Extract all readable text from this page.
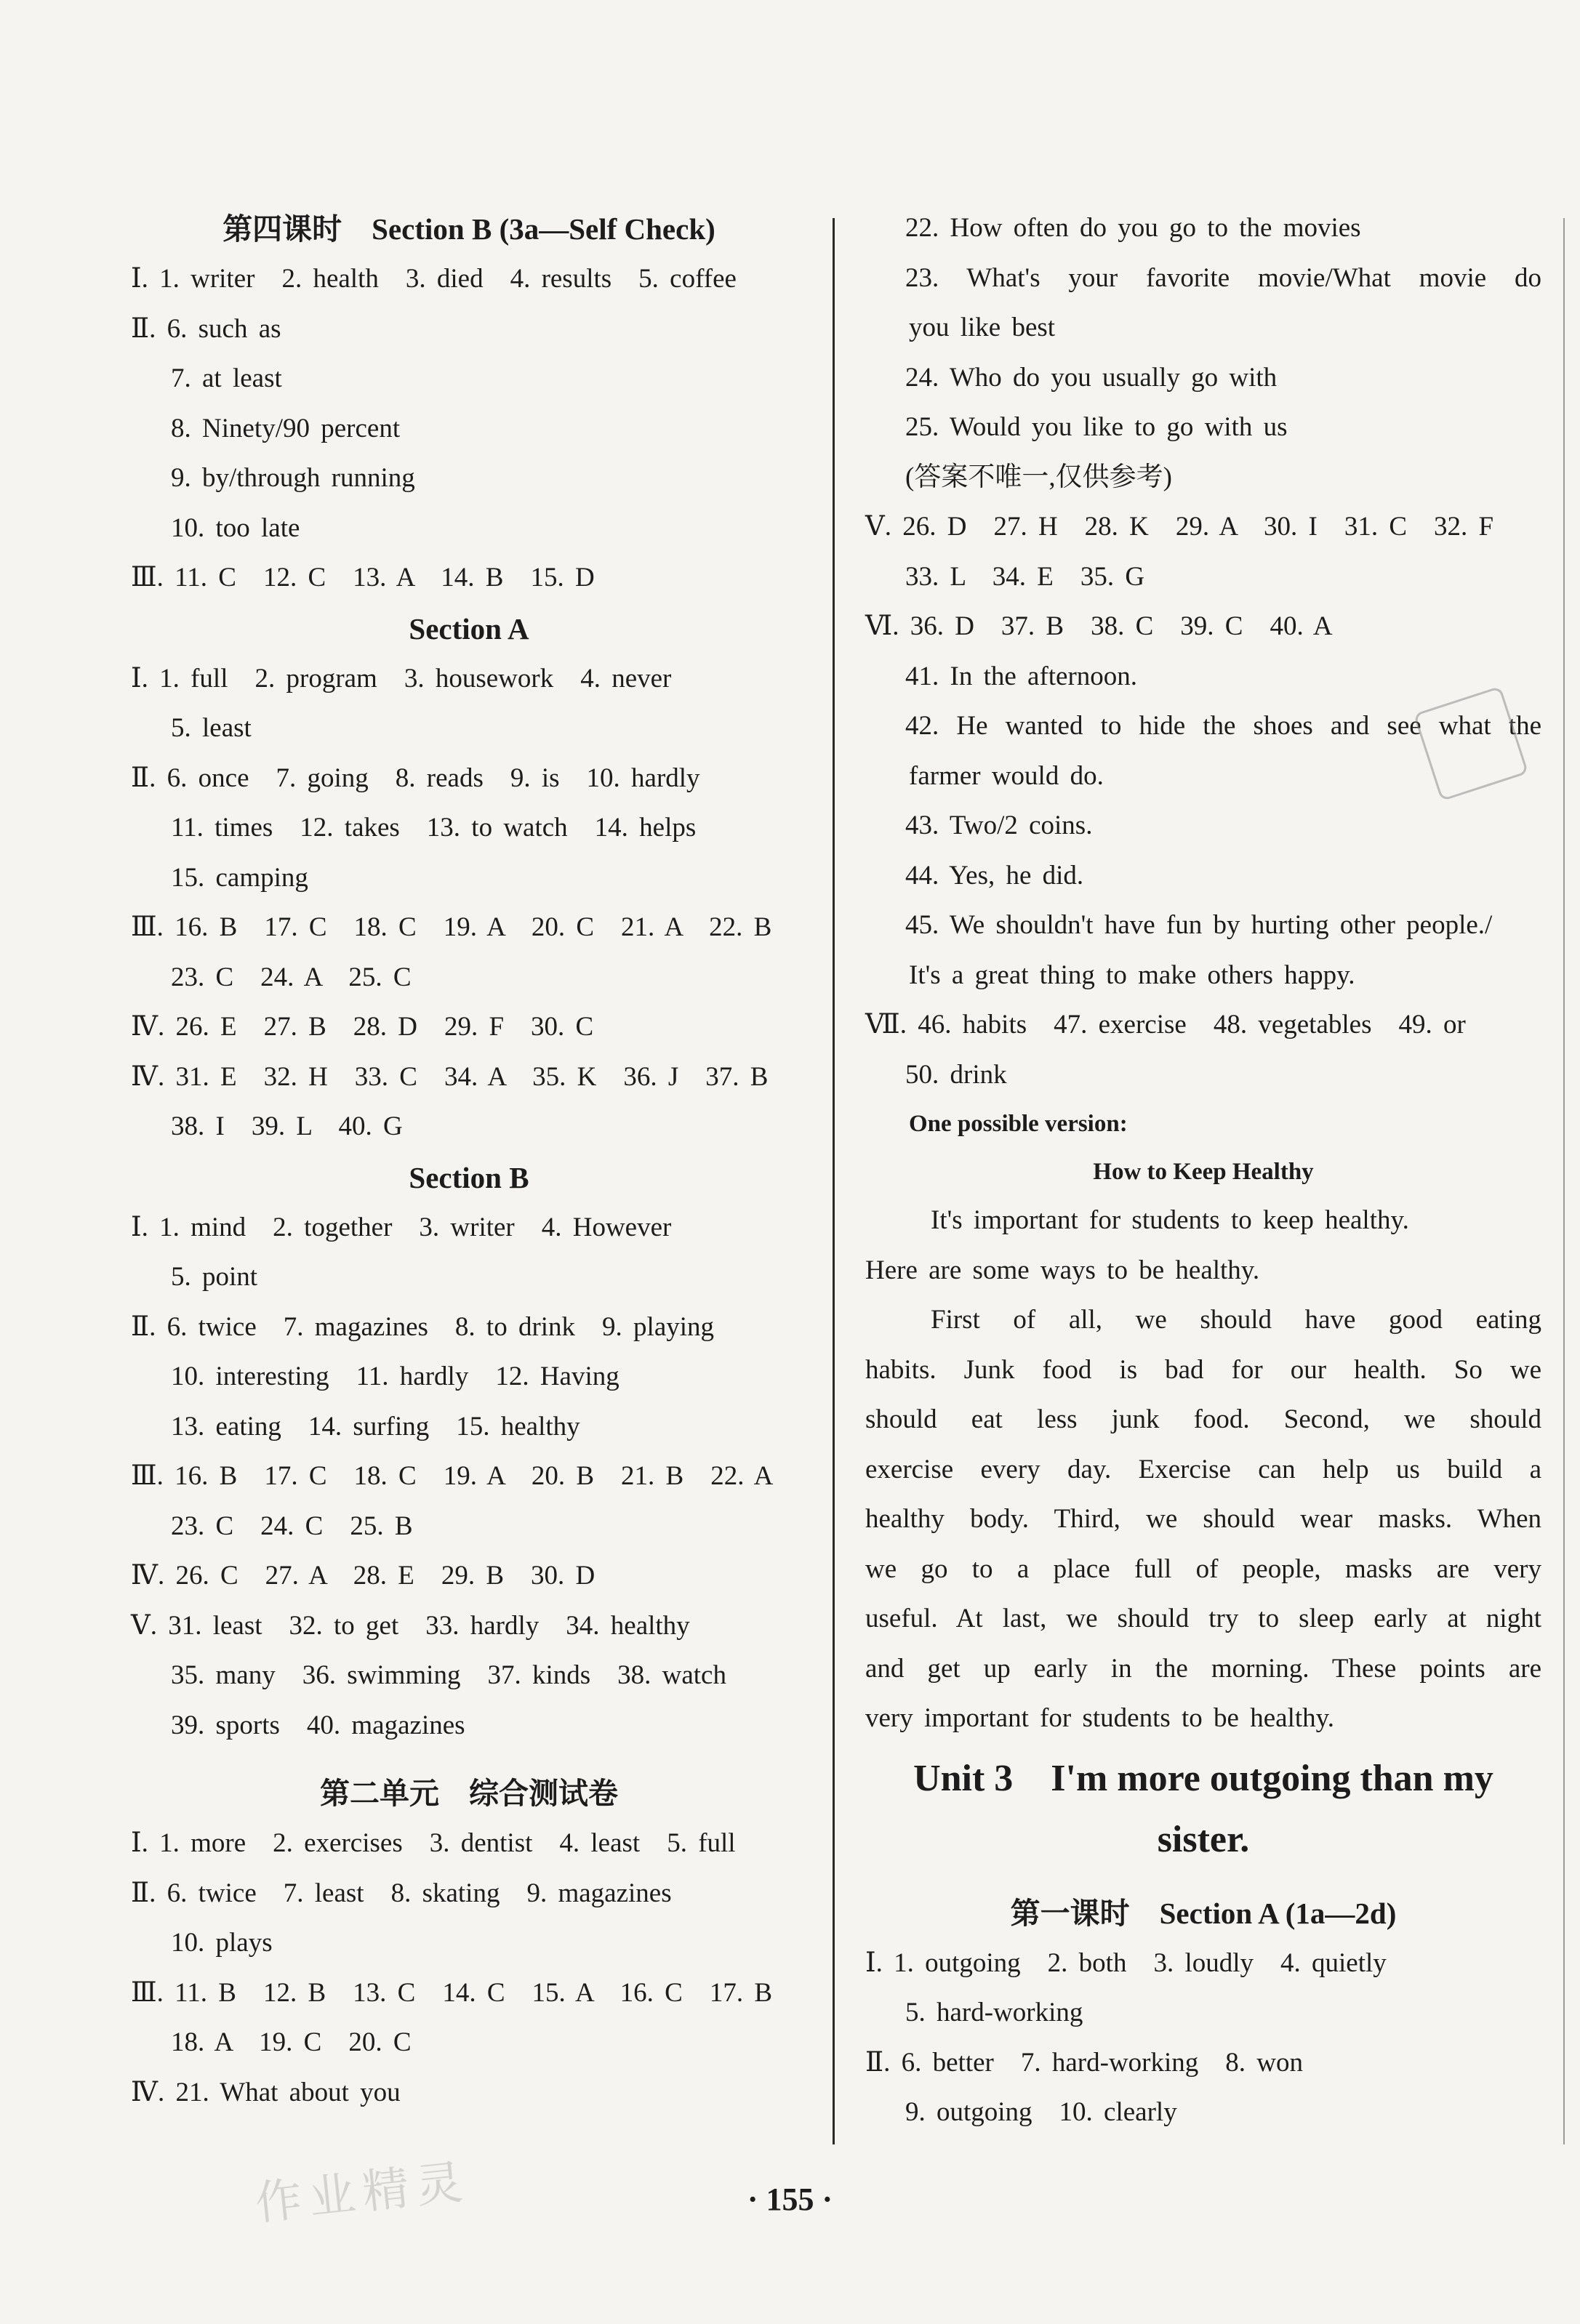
第四课时　Section B (3a—Self Check)
Ⅰ. 1. writer　2. health　3. died　4. results　5. coffee
Ⅱ. 6. such as
7. at least
8. Ninety/90 percent
9. by/through running
10. too late
Ⅲ. 11. C　12. C　13. A　14. B　15. D
Section A
Ⅰ. 1. full　2. program　3. housework　4. never
5. least
Ⅱ. 6. once　7. going　8. reads　9. is　10. hardly
11. times　12. takes　13. to watch　14. helps
15. camping
Ⅲ. 16. B　17. C　18. C　19. A　20. C　21. A　22. B
23. C　24. A　25. C
Ⅳ. 26. E　27. B　28. D　29. F　30. C
Ⅳ. 31. E　32. H　33. C　34. A　35. K　36. J　37. B
38. I　39. L　40. G
Section B
Ⅰ. 1. mind　2. together　3. writer　4. However
5. point
Ⅱ. 6. twice　7. magazines　8. to drink　9. playing
10. interesting　11. hardly　12. Having
13. eating　14. surfing　15. healthy
Ⅲ. 16. B　17. C　18. C　19. A　20. B　21. B　22. A
23. C　24. C　25. B
Ⅳ. 26. C　27. A　28. E　29. B　30. D
Ⅴ. 31. least　32. to get　33. hardly　34. healthy
35. many　36. swimming　37. kinds　38. watch
39. sports　40. magazines
第二单元　综合测试卷
Ⅰ. 1. more　2. exercises　3. dentist　4. least　5. full
Ⅱ. 6. twice　7. least　8. skating　9. magazines
10. plays
Ⅲ. 11. B　12. B　13. C　14. C　15. A　16. C　17. B
18. A　19. C　20. C
Ⅳ. 21. What about you
22. How often do you go to the movies
23. What's your favorite movie/What movie do
you like best
24. Who do you usually go with
25. Would you like to go with us
(答案不唯一,仅供参考)
Ⅴ. 26. D　27. H　28. K　29. A　30. I　31. C　32. F
33. L　34. E　35. G
Ⅵ. 36. D　37. B　38. C　39. C　40. A
41. In the afternoon.
42. He wanted to hide the shoes and see what the
farmer would do.
43. Two/2 coins.
44. Yes, he did.
45. We shouldn't have fun by hurting other people./
It's a great thing to make others happy.
Ⅶ. 46. habits　47. exercise　48. vegetables　49. or
50. drink
One possible version:
How to Keep Healthy
It's important for students to keep healthy.
Here are some ways to be healthy.
First of all, we should have good eating
habits. Junk food is bad for our health. So we
should eat less junk food. Second, we should
exercise every day. Exercise can help us build a
healthy body. Third, we should wear masks. When
we go to a place full of people, masks are very
useful. At last, we should try to sleep early at night
and get up early in the morning. These points are
very important for students to be healthy.
Unit 3　I'm more outgoing than my
sister.
第一课时　Section A (1a—2d)
Ⅰ. 1. outgoing　2. both　3. loudly　4. quietly
5. hard-working
Ⅱ. 6. better　7. hard-working　8. won
9. outgoing　10. clearly
作业精灵	· 155 ·
